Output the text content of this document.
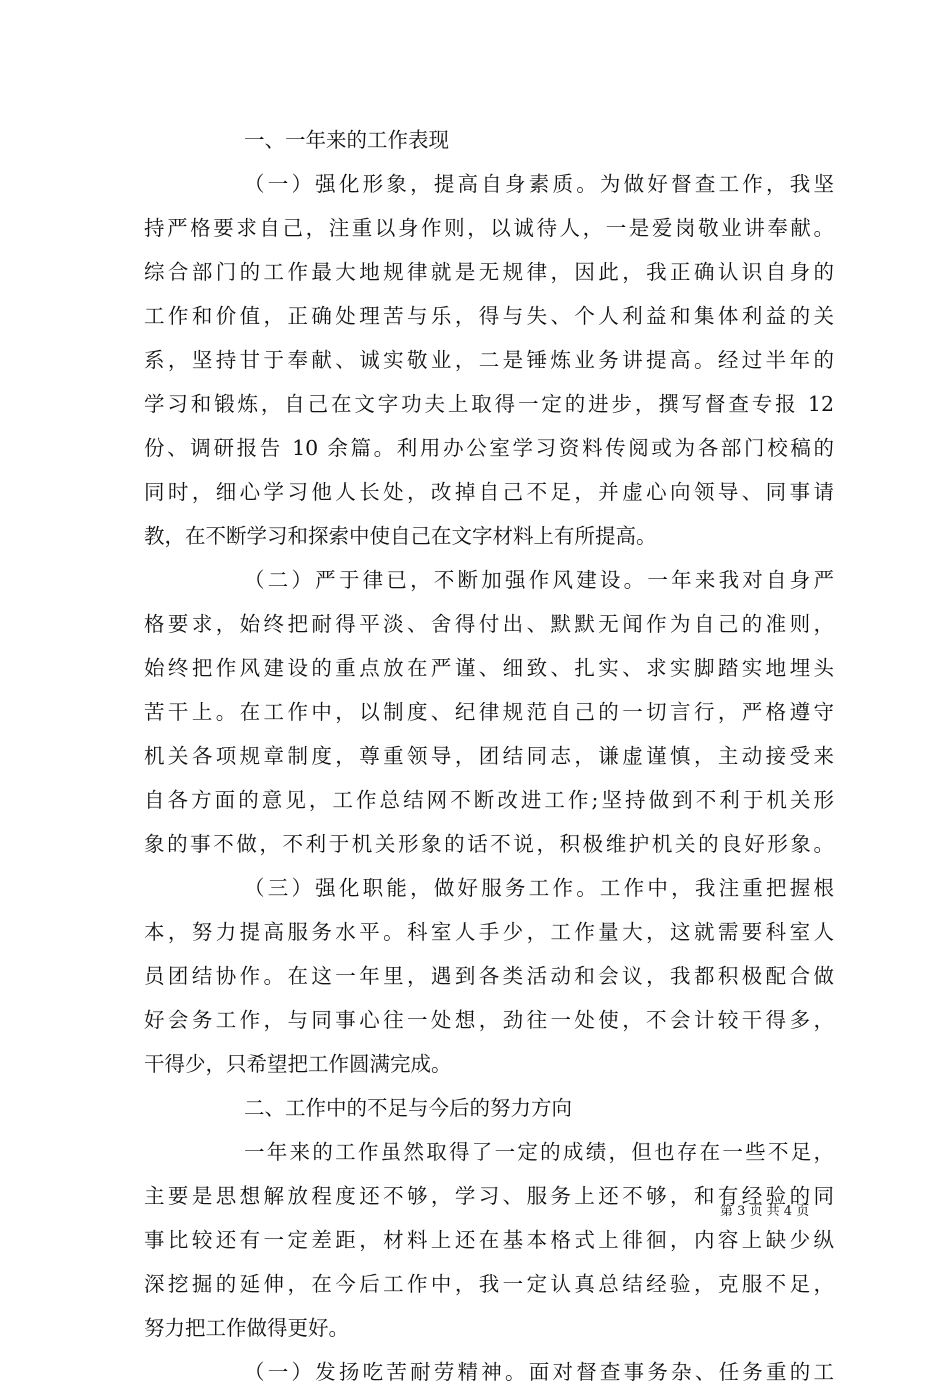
一、一年来的工作表现
（一）强化形象，提高自身素质。为做好督查工作，我坚
持严格要求自己，注重以身作则，以诚待人，一是爱岗敬业讲奉献。
综合部门的工作最大地规律就是无规律，因此，我正确认识自身的
工作和价值，正确处理苦与乐，得与失、个人利益和集体利益的关
系，坚持甘于奉献、诚实敬业，二是锤炼业务讲提高。经过半年的
学习和锻炼，自己在文字功夫上取得一定的进步，撰写督查专报 12
份、调研报告 10 余篇。利用办公室学习资料传阅或为各部门校稿的
同时，细心学习他人长处，改掉自己不足，并虚心向领导、同事请
教，在不断学习和探索中使自己在文字材料上有所提高。
（二）严于律已，不断加强作风建设。一年来我对自身严
格要求，始终把耐得平淡、舍得付出、默默无闻作为自己的准则，
始终把作风建设的重点放在严谨、细致、扎实、求实脚踏实地埋头
苦干上。在工作中，以制度、纪律规范自己的一切言行，严格遵守
机关各项规章制度，尊重领导，团结同志，谦虚谨慎，主动接受来
自各方面的意见，工作总结网不断改进工作;坚持做到不利于机关形
象的事不做，不利于机关形象的话不说，积极维护机关的良好形象。
（三）强化职能，做好服务工作。工作中，我注重把握根
本，努力提高服务水平。科室人手少，工作量大，这就需要科室人
员团结协作。在这一年里，遇到各类活动和会议，我都积极配合做
好会务工作，与同事心往一处想，劲往一处使，不会计较干得多，
干得少，只希望把工作圆满完成。
二、工作中的不足与今后的努力方向
一年来的工作虽然取得了一定的成绩，但也存在一些不足，
主要是思想解放程度还不够，学习、服务上还不够，和有经验的同
事比较还有一定差距，材料上还在基本格式上徘徊，内容上缺少纵
深挖掘的延伸，在今后工作中，我一定认真总结经验，克服不足，
努力把工作做得更好。
（一）发扬吃苦耐劳精神。面对督查事务杂、任务重的工
第 3 页 共 4 页
